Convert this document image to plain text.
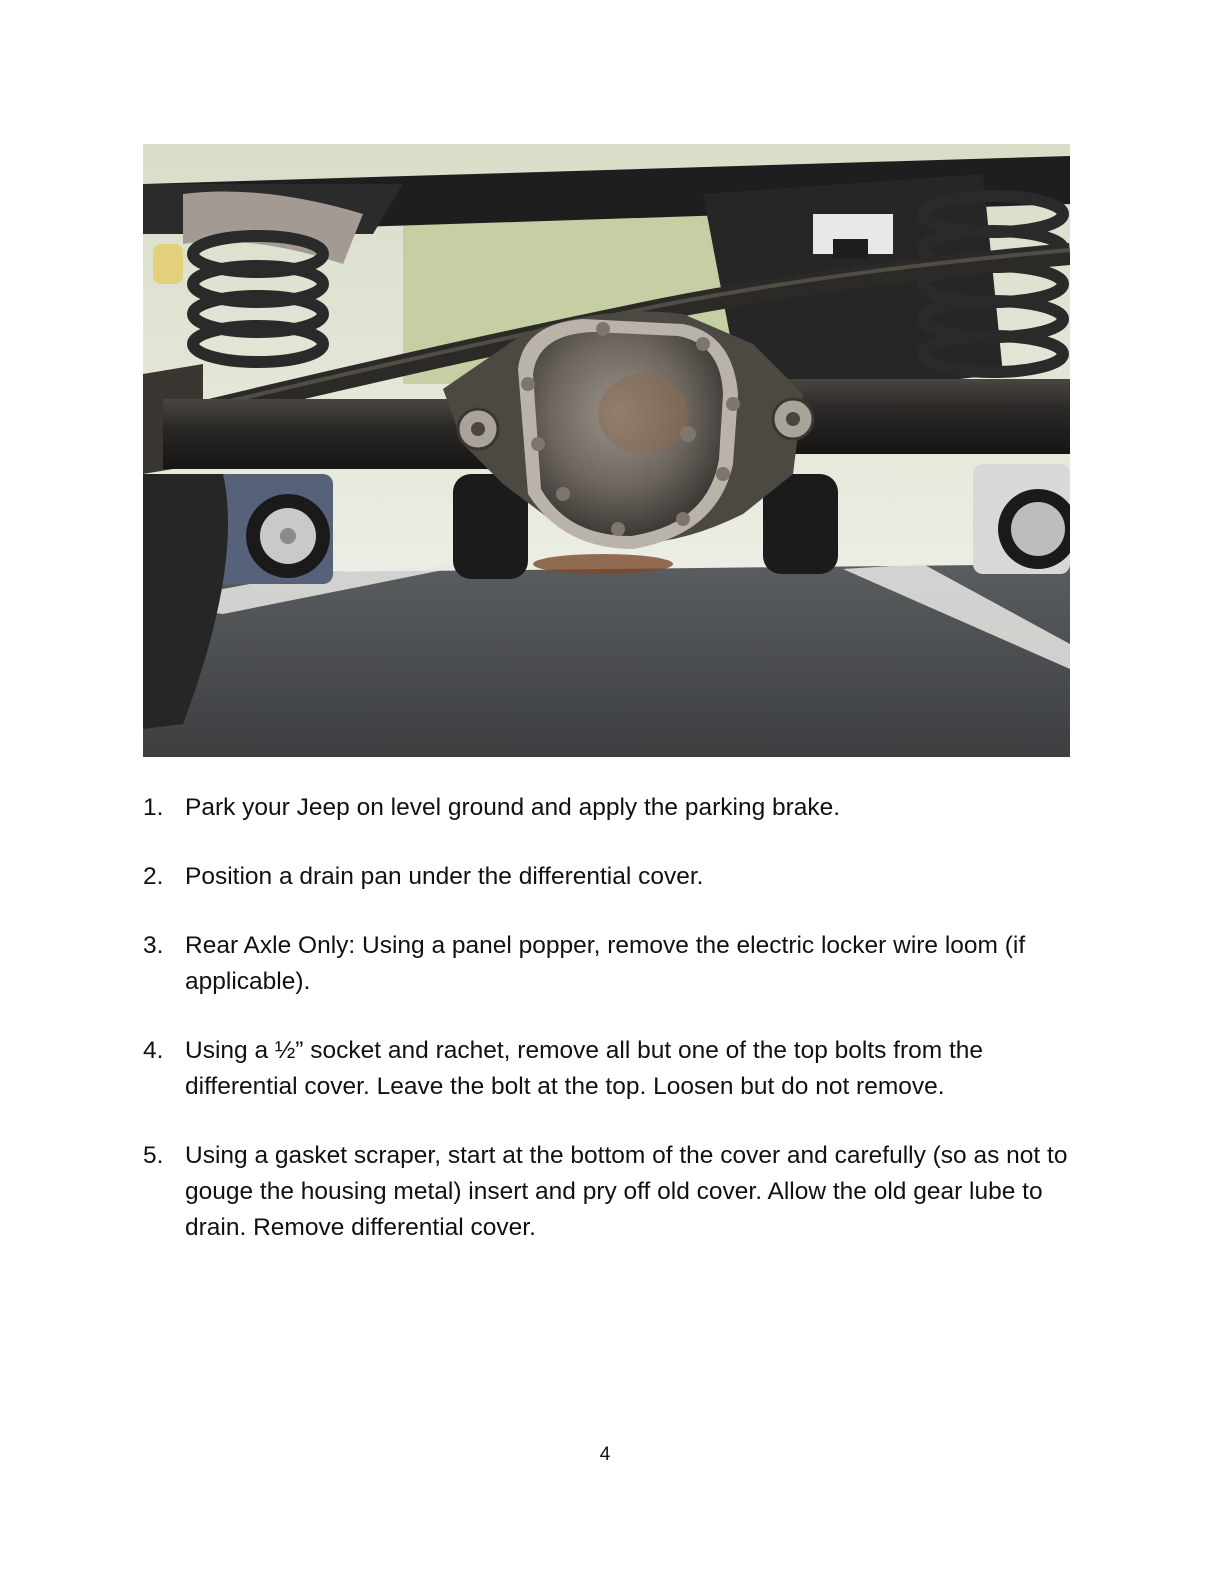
1. Park your Jeep on level ground and apply the parking brake.
2. Position a drain pan under the differential cover.
3. Rear Axle Only: Using a panel popper, remove the electric locker wire loom (if applicable).
4. Using a ½” socket and rachet, remove all but one of the top bolts from the differential cover. Leave the bolt at the top. Loosen but do not remove.
5. Using a gasket scraper, start at the bottom of the cover and carefully (so as not to gouge the housing metal) insert and pry off old cover. Allow the old gear lube to drain. Remove differential cover.
4
